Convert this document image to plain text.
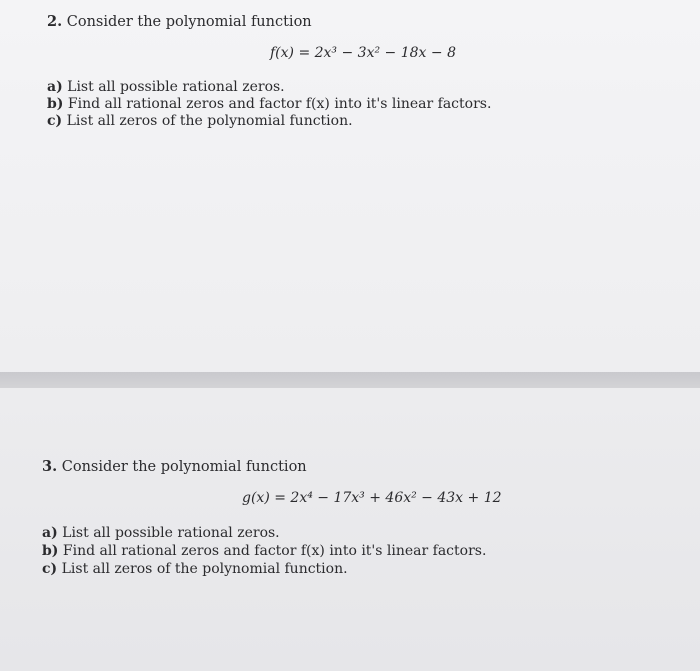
2. Consider the polynomial function
f(x) = 2x³ − 3x² − 18x − 8
a) List all possible rational zeros.
b) Find all rational zeros and factor f(x) into it's linear factors.
c) List all zeros of the polynomial function.
3. Consider the polynomial function
g(x) = 2x⁴ − 17x³ + 46x² − 43x + 12
a) List all possible rational zeros.
b) Find all rational zeros and factor f(x) into it's linear factors.
c) List all zeros of the polynomial function.
